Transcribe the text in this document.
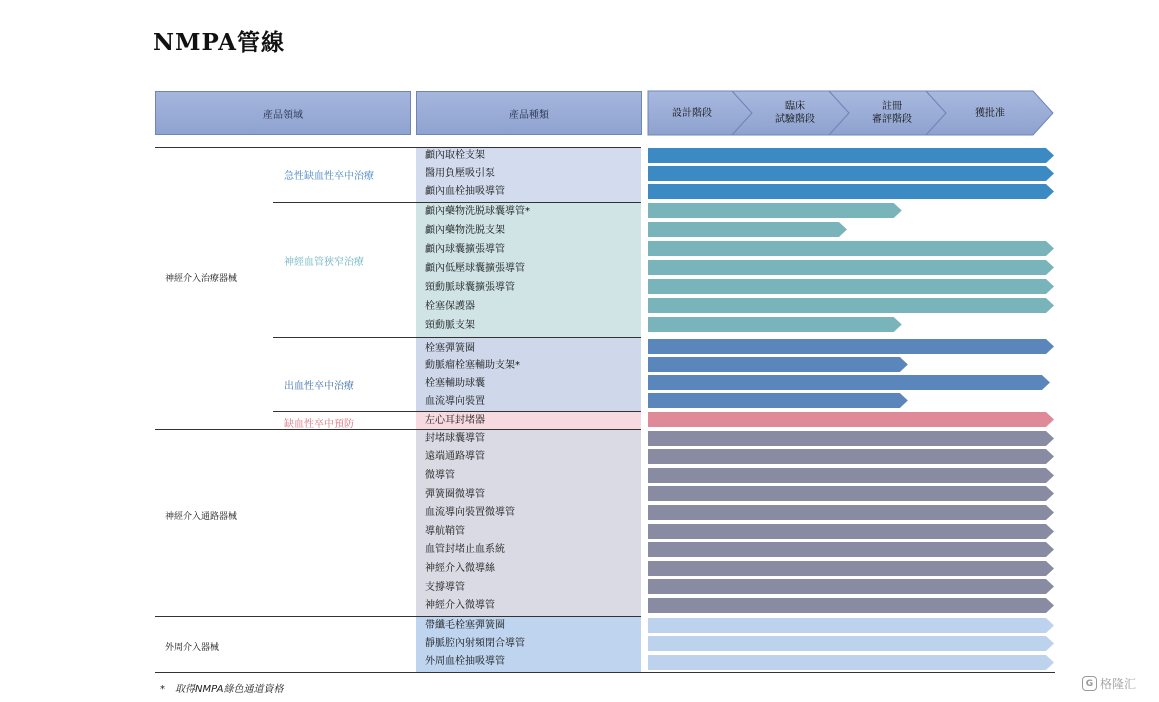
NMPA管線
產品領域	產品種類	設計階段
臨床
試驗階段
註冊
審評階段
獲批准
神經介入治療器械
神經介入通路器械
外周介入器械
急性缺血性卒中治療
神經血管狹窄治療
出血性卒中治療
缺血性卒中預防
顱內取栓支架
醫用負壓吸引泵
顱內血栓抽吸導管
顱內藥物洗脱球囊導管*
顱內藥物洗脱支架
顱內球囊擴張導管
顱內低壓球囊擴張導管
頸動脈球囊擴張導管
栓塞保護器
頸動脈支架
栓塞彈簧圈
動脈瘤栓塞輔助支架*
栓塞輔助球囊
血流導向裝置
左心耳封堵器
封堵球囊導管
遠端通路導管
微導管
彈簧圈微導管
血流導向裝置微導管
導航鞘管
血管封堵止血系統
神經介入微導絲
支撐導管
神經介入微導管
帶纖毛栓塞彈簧圈
靜脈腔內射頻閉合導管
外周血栓抽吸導管
*　取得NMPA綠色通道資格
G 格隆汇
